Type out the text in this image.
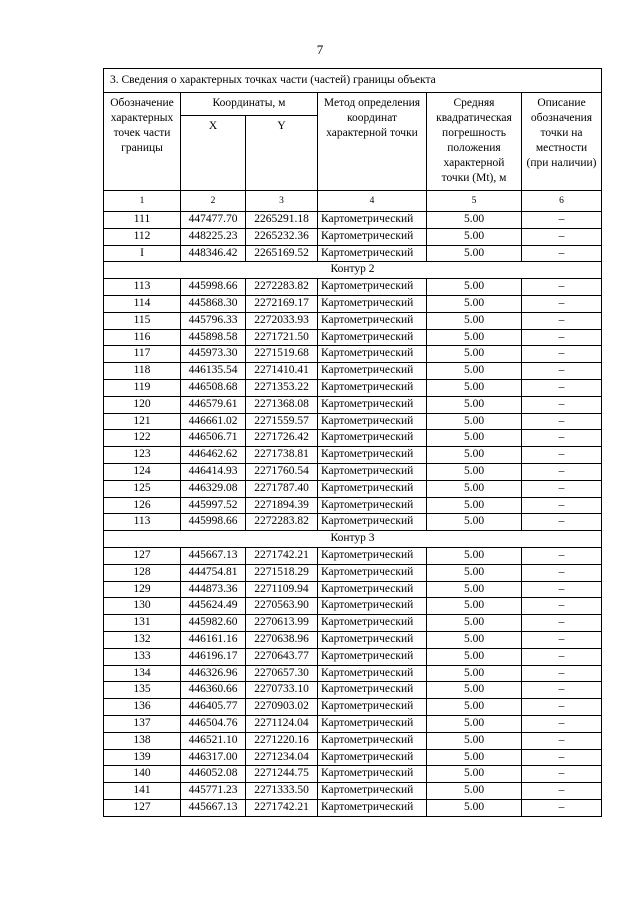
7
3. Сведения о характерных точках части (частей) границы объекта					
Обозначение характерных точек части границы	Координаты, м		Метод определения координат характерной точки	Средняя квадратическая погрешность положения характерной точки (Mt), м	Описание обозначения точки на местности (при наличии)
	X	Y			
1	2	3	4	5	6
111	447477.70	2265291.18	Картометрический	5.00	–
112	448225.23	2265232.36	Картометрический	5.00	–
I	448346.42	2265169.52	Картометрический	5.00	–
Контур 2					
113	445998.66	2272283.82	Картометрический	5.00	–
114	445868.30	2272169.17	Картометрический	5.00	–
115	445796.33	2272033.93	Картометрический	5.00	–
116	445898.58	2271721.50	Картометрический	5.00	–
117	445973.30	2271519.68	Картометрический	5.00	–
118	446135.54	2271410.41	Картометрический	5.00	–
119	446508.68	2271353.22	Картометрический	5.00	–
120	446579.61	2271368.08	Картометрический	5.00	–
121	446661.02	2271559.57	Картометрический	5.00	–
122	446506.71	2271726.42	Картометрический	5.00	–
123	446462.62	2271738.81	Картометрический	5.00	–
124	446414.93	2271760.54	Картометрический	5.00	–
125	446329.08	2271787.40	Картометрический	5.00	–
126	445997.52	2271894.39	Картометрический	5.00	–
113	445998.66	2272283.82	Картометрический	5.00	–
Контур 3					
127	445667.13	2271742.21	Картометрический	5.00	–
128	444754.81	2271518.29	Картометрический	5.00	–
129	444873.36	2271109.94	Картометрический	5.00	–
130	445624.49	2270563.90	Картометрический	5.00	–
131	445982.60	2270613.99	Картометрический	5.00	–
132	446161.16	2270638.96	Картометрический	5.00	–
133	446196.17	2270643.77	Картометрический	5.00	–
134	446326.96	2270657.30	Картометрический	5.00	–
135	446360.66	2270733.10	Картометрический	5.00	–
136	446405.77	2270903.02	Картометрический	5.00	–
137	446504.76	2271124.04	Картометрический	5.00	–
138	446521.10	2271220.16	Картометрический	5.00	–
139	446317.00	2271234.04	Картометрический	5.00	–
140	446052.08	2271244.75	Картометрический	5.00	–
141	445771.23	2271333.50	Картометрический	5.00	–
127	445667.13	2271742.21	Картометрический	5.00	–
